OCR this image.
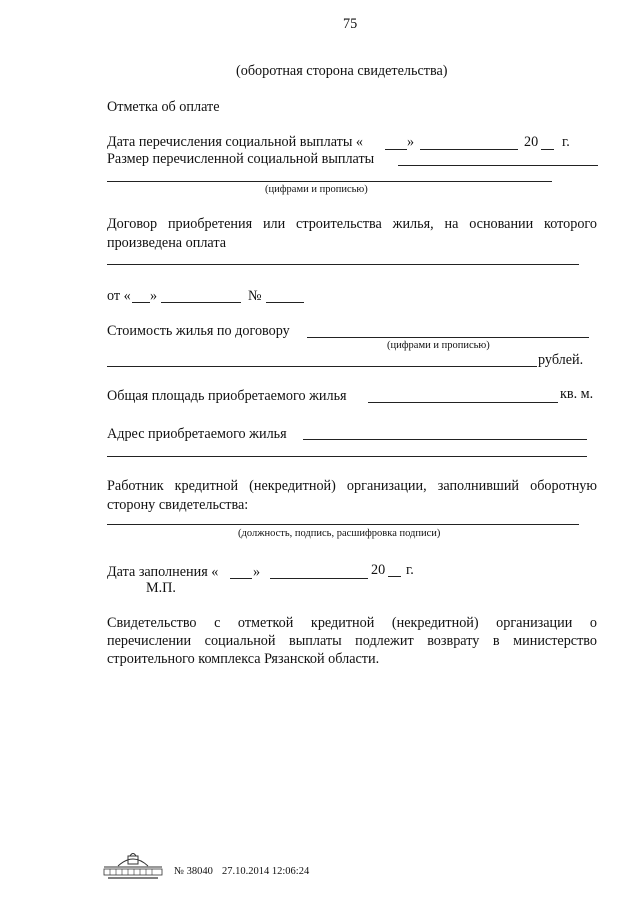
75
(оборотная сторона свидетельства)
Отметка об оплате
Дата перечисления социальной выплаты «	»	20 г.
Размер перечисленной социальной выплаты
(цифрами и прописью)
Договор приобретения или строительства жилья, на основании которого
произведена оплата
от « »	№
Стоимость жилья по договору
(цифрами и прописью)
рублей.
Общая площадь приобретаемого жилья	кв. м.
Адрес приобретаемого жилья
Работник кредитной (некредитной) организации, заполнивший оборотную
сторону свидетельства:
(должность, подпись, расшифровка подписи)
Дата заполнения « »	20 г.
М.П.
Свидетельство с отметкой кредитной (некредитной) организации о
перечислении социальной выплаты подлежит возврату в министерство
строительного комплекса Рязанской области.
№ 38040 27.10.2014 12:06:24
